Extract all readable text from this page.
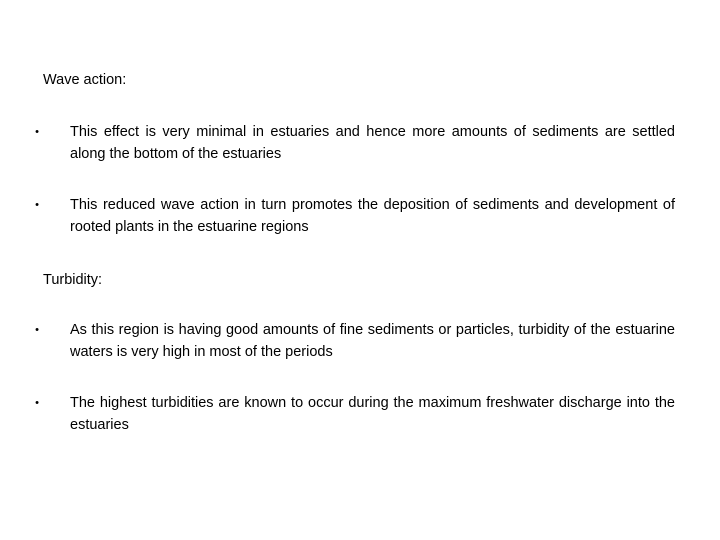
Wave action:
•	This effect is very minimal in estuaries and hence more amounts of sediments are settled along the bottom of the estuaries
•	This reduced wave action in turn promotes the deposition of sediments and development of rooted plants in the estuarine regions
Turbidity:
•	As this region is having good amounts of fine sediments or particles, turbidity of the estuarine waters is very high in most of the periods
•	The highest turbidities are known to occur during the maximum freshwater discharge into the estuaries
